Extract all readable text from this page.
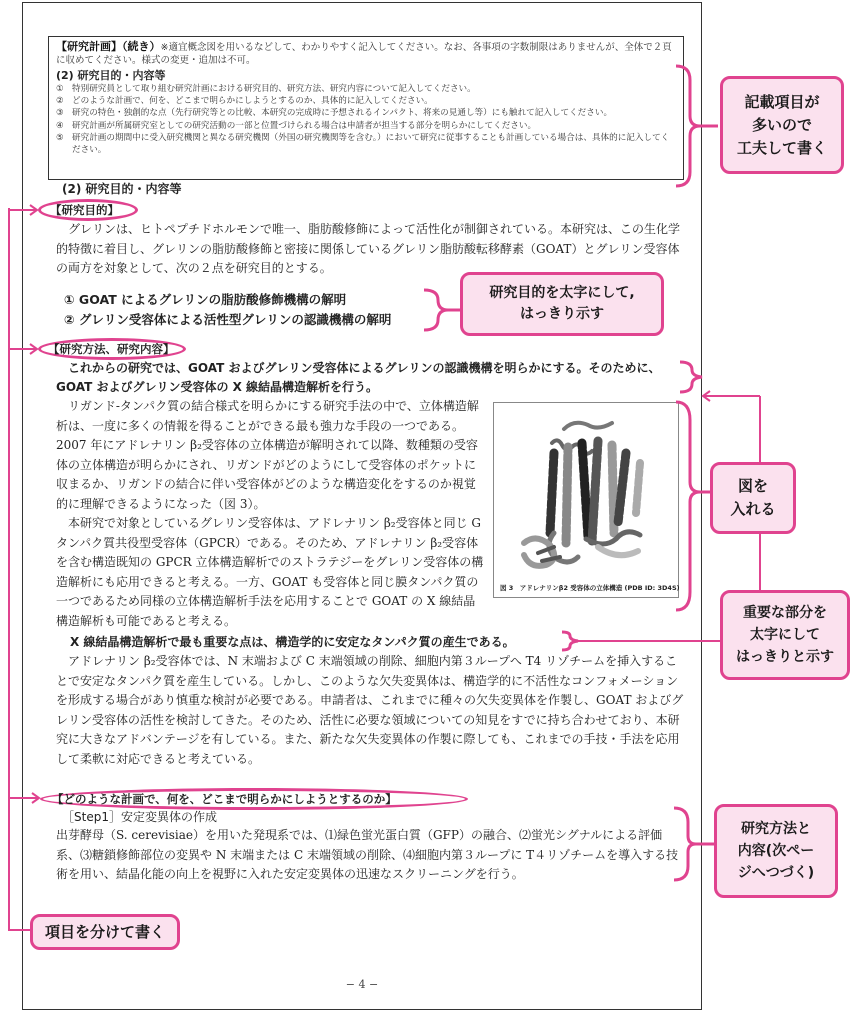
【研究計画】（続き）※適宜概念図を用いるなどして、わかりやすく記入してください。なお、各事項の字数制限はありませんが、全体で２頁に収めてください。様式の変更・追加は不可。
(2) 研究目的・内容等
① 特別研究員として取り組む研究計画における研究目的、研究方法、研究内容について記入してください。
② どのような計画で、何を、どこまで明らかにしようとするのか、具体的に記入してください。
③ 研究の特色・独創的な点（先行研究等との比較、本研究の完成時に予想されるインパクト、将来の見通し等）にも触れて記入してください。
④ 研究計画が所属研究室としての研究活動の一部と位置づけられる場合は申請者が担当する部分を明らかにしてください。
⑤ 研究計画の期間中に受入研究機関と異なる研究機関（外国の研究機関等を含む。）において研究に従事することも計画している場合は、具体的に記入してください。
(2) 研究目的・内容等
【研究目的】
グレリンは、ヒトペプチドホルモンで唯一、脂肪酸修飾によって活性化が制御されている。本研究は、この生化学的特徴に着目し、グレリンの脂肪酸修飾と密接に関係しているグレリン脂肪酸転移酵素（GOAT）とグレリン受容体の両方を対象として、次の２点を研究目的とする。
① GOAT によるグレリンの脂肪酸修飾機構の解明
② グレリン受容体による活性型グレリンの認識機構の解明
【研究方法、研究内容】
これからの研究では、GOAT およびグレリン受容体によるグレリンの認識機構を明らかにする。そのために、GOAT およびグレリン受容体の X 線結晶構造解析を行う。
リガンド-タンパク質の結合様式を明らかにする研究手法の中で、立体構造解析は、一度に多くの情報を得ることができる最も強力な手段の一つである。2007 年にアドレナリン β₂受容体の立体構造が解明されて以降、数種類の受容体の立体構造が明らかにされ、リガンドがどのようにして受容体のポケットに収まるか、リガンドの結合に伴い受容体がどのような構造変化をするのか視覚的に理解できるようになった（図 3）。
本研究で対象としているグレリン受容体は、アドレナリン β₂受容体と同じ G タンパク質共役型受容体（GPCR）である。そのため、アドレナリン β₂受容体を含む構造既知の GPCR 立体構造解析でのストラテジーをグレリン受容体の構造解析にも応用できると考える。一方、GOAT も受容体と同じ膜タンパク質の一つであるため同様の立体構造解析手法を応用することで GOAT の X 線結晶構造解析も可能であると考える。
図 3　アドレナリンβ2 受容体の立体構造 (PDB ID: 3D4S)
X 線結晶構造解析で最も重要な点は、構造学的に安定なタンパク質の産生である。
アドレナリン β₂受容体では、N 末端および C 末端領域の削除、細胞内第３ループへ T4 リゾチームを挿入することで安定なタンパク質を産生している。しかし、このような欠失変異体は、構造学的に不活性なコンフォメーションを形成する場合があり慎重な検討が必要である。申請者は、これまでに種々の欠失変異体を作製し、GOAT およびグレリン受容体の活性を検討してきた。そのため、活性に必要な領域についての知見をすでに持ち合わせており、本研究に大きなアドバンテージを有している。また、新たな欠失変異体の作製に際しても、これまでの手技・手法を応用して柔軟に対応できると考えている。
【どのような計画で、何を、どこまで明らかにしようとするのか】
［Step1］安定変異体の作成
出芽酵母（S. cerevisiae）を用いた発現系では、⑴緑色蛍光蛋白質（GFP）の融合、⑵蛍光シグナルによる評価系、⑶糖鎖修飾部位の変異や N 末端または C 末端領域の削除、⑷細胞内第３ループに T４リゾチームを導入する技術を用い、結晶化能の向上を視野に入れた安定変異体の迅速なスクリーニングを行う。
− 4 −
記載項目が
多いので
工夫して書く
研究目的を太字にして,
はっきり示す
図を
入れる
重要な部分を
太字にして
はっきりと示す
研究方法と
内容(次ペー
ジへつづく)
項目を分けて書く
